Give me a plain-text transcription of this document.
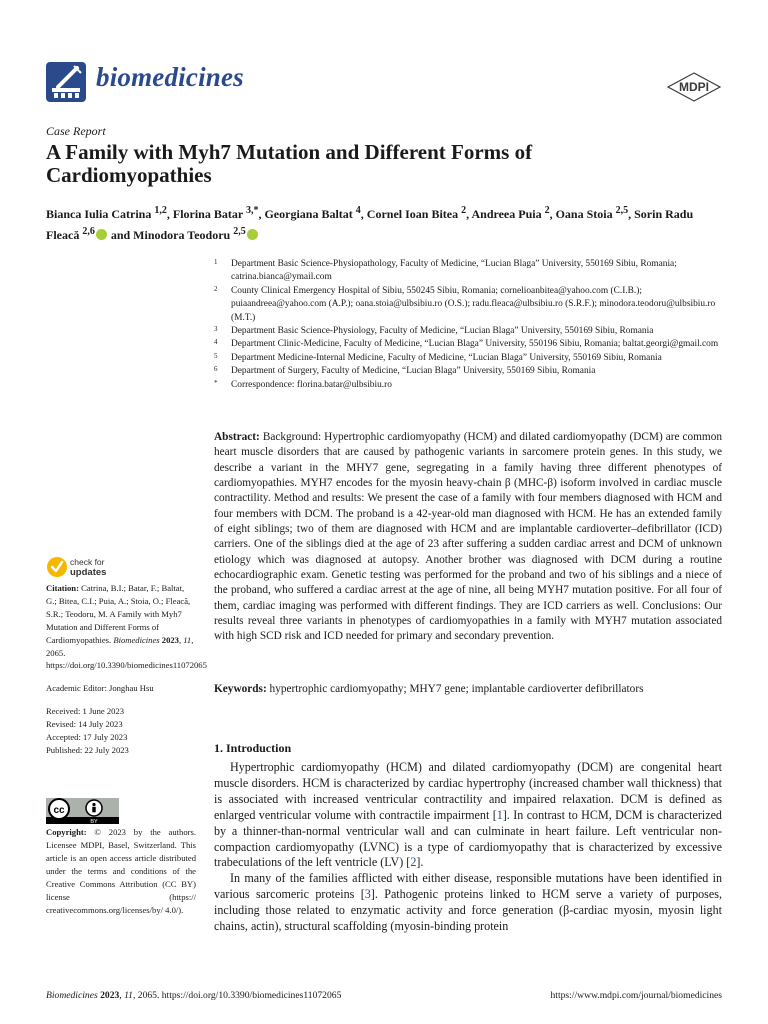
biomedicines	MDPI
Case Report
A Family with Myh7 Mutation and Different Forms of Cardiomyopathies
Bianca Iulia Catrina $^{1,2}$, Florina Batar $^{3,*}$, Georgiana Baltat $^4$, Cornel Ioan Bitea $^2$, Andreea Puia $^2$, Oana Stoia $^{2,5}$, Sorin Radu Fleacă $^{2,6}$ and Minodora Teodoru $^{2,5}$
1 Department Basic Science-Physiopathology, Faculty of Medicine, “Lucian Blaga” University, 550169 Sibiu, Romania; catrina.bianca@ymail.com
2 County Clinical Emergency Hospital of Sibiu, 550245 Sibiu, Romania; cornelioanbitea@yahoo.com (C.I.B.); puiaandreea@yahoo.com (A.P.); oana.stoia@ulbsibiu.ro (O.S.); radu.fleaca@ulbsibiu.ro (S.R.F.); minodora.teodoru@ulbsibiu.ro (M.T.)
3 Department Basic Science-Physiology, Faculty of Medicine, “Lucian Blaga” University, 550169 Sibiu, Romania
4 Department Clinic-Medicine, Faculty of Medicine, “Lucian Blaga” University, 550196 Sibiu, Romania; baltat.georgi@gmail.com
5 Department Medicine-Internal Medicine, Faculty of Medicine, “Lucian Blaga” University, 550169 Sibiu, Romania
6 Department of Surgery, Faculty of Medicine, “Lucian Blaga” University, 550169 Sibiu, Romania
* Correspondence: florina.batar@ulbsibiu.ro
Abstract: Background: Hypertrophic cardiomyopathy (HCM) and dilated cardiomyopathy (DCM) are common heart muscle disorders that are caused by pathogenic variants in sarcomere protein genes. In this study, we describe a variant in the MHY7 gene, segregating in a family having three different phenotypes of cardiomyopathies. MYH7 encodes for the myosin heavy-chain β (MHC-β) isoform involved in cardiac muscle contractility. Method and results: We present the case of a family with four members diagnosed with HCM and four members with DCM. The proband is a 42-year-old man diagnosed with HCM. He has an extended family of eight siblings; two of them are diagnosed with HCM and are implantable cardioverter–defibrillator (ICD) carriers. One of the siblings died at the age of 23 after suffering a sudden cardiac arrest and DCM of unknown etiology which was diagnosed at autopsy. Another brother was diagnosed with DCM during a routine echocardiographic exam. Genetic testing was performed for the proband and two of his siblings and a niece of the proband, who suffered a cardiac arrest at the age of nine, all being MYH7 mutation positive. For all four of them, cardiac imaging was performed with different findings. They are ICD carriers as well. Conclusions: Our results reveal three variants in phenotypes of cardiomyopathies in a family with MYH7 mutation associated with high SCD risk and ICD needed for primary and secondary prevention.
Keywords: hypertrophic cardiomyopathy; MHY7 gene; implantable cardioverter defibrillators
1. Introduction

Hypertrophic cardiomyopathy (HCM) and dilated cardiomyopathy (DCM) are congenital heart muscle disorders. HCM is characterized by cardiac hypertrophy (increased chamber wall thickness) that is associated with increased ventricular contractility and impaired relaxation. DCM is defined as enlarged ventricular volume with contractile impairment [1]. In contrast to HCM, DCM is characterized by a thinner-than-normal ventricular wall and can culminate in heart failure. Left ventricular non-compaction cardiomyopathy (LVNC) is a type of cardiomyopathy that is characterized by excessive trabeculations of the left ventricle (LV) [2].

In many of the families afflicted with either disease, responsible mutations have been identified in various sarcomeric proteins [3]. Pathogenic proteins linked to HCM serve a variety of purposes, including those related to enzymatic activity and force generation (β-cardiac myosin, myosin light chains, actin), structural scaffolding (myosin-binding protein

check for
updates
Citation: Catrina, B.I.; Batar, F.; Baltat, G.; Bitea, C.I.; Puia, A.; Stoia, O.; Fleacă, S.R.; Teodoru, M. A Family with Myh7 Mutation and Different Forms of Cardiomyopathies. Biomedicines 2023, 11, 2065. https://doi.org/10.3390/biomedicines11072065
Academic Editor: Jonghau Hsu
Received: 1 June 2023
Revised: 14 July 2023
Accepted: 17 July 2023
Published: 22 July 2023
cc
BY
Copyright: © 2023 by the authors. Licensee MDPI, Basel, Switzerland. This article is an open access article distributed under the terms and conditions of the Creative Commons Attribution (CC BY) license (https:// creativecommons.org/licenses/by/ 4.0/).
Biomedicines 2023, 11, 2065. https://doi.org/10.3390/biomedicines11072065	https://www.mdpi.com/journal/biomedicines
